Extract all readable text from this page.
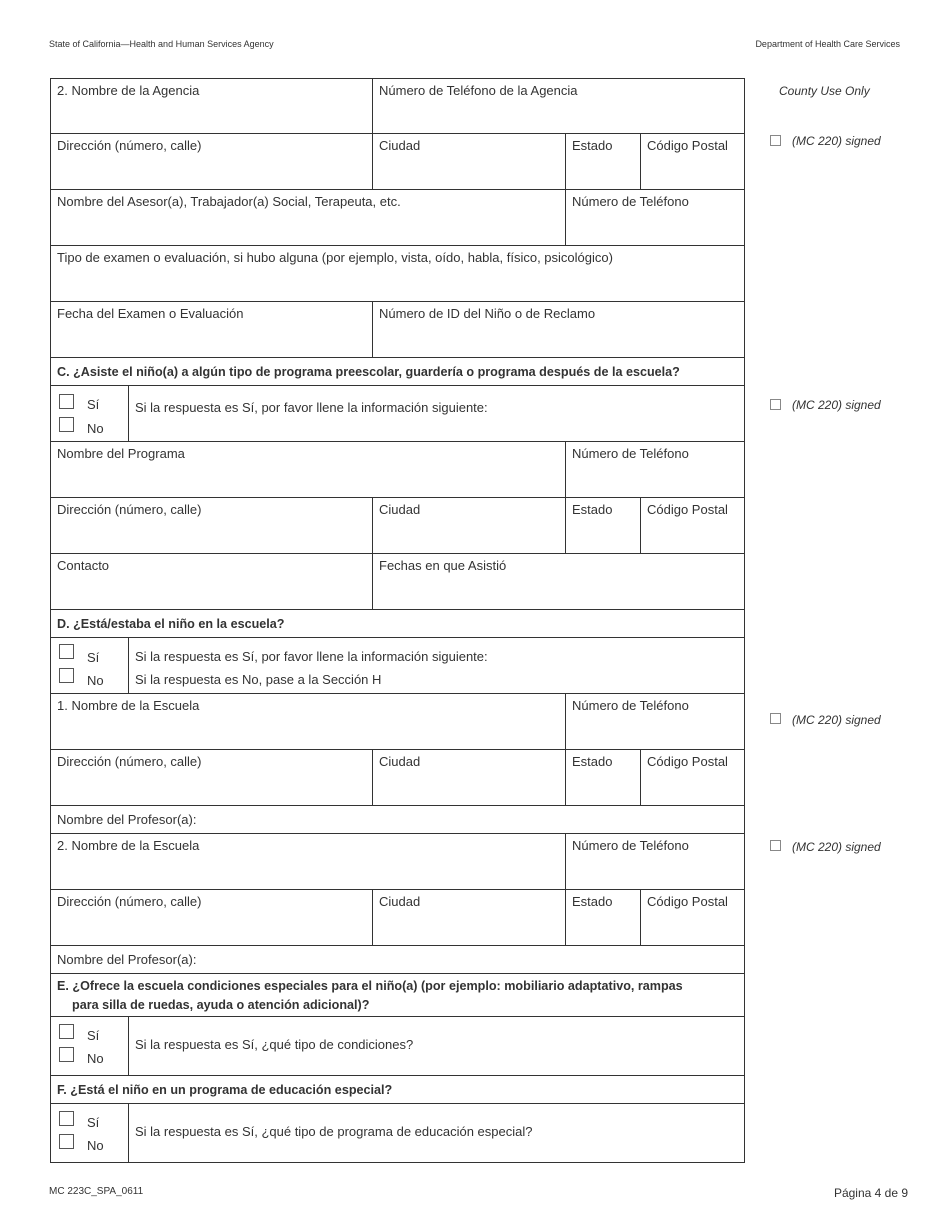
State of California—Health and Human Services Agency	Department of Health Care Services
2. Nombre de la Agencia	Número de Teléfono de la Agencia
Dirección (número, calle)	Ciudad	Estado	Código Postal
Nombre del Asesor(a), Trabajador(a) Social, Terapeuta, etc.	Número de Teléfono
Tipo de examen o evaluación, si hubo alguna (por ejemplo, vista, oído, habla, físico, psicológico)
Fecha del Examen o Evaluación	Número de ID del Niño o de Reclamo
C. ¿Asiste el niño(a) a algún tipo de programa preescolar, guardería o programa después de la escuela?
Sí
No
Si la respuesta es Sí, por favor llene la información siguiente:
Nombre del Programa	Número de Teléfono
Dirección (número, calle)	Ciudad	Estado	Código Postal
Contacto	Fechas en que Asistió
D. ¿Está/estaba el niño en la escuela?
Sí
No
Si la respuesta es Sí, por favor llene la información siguiente:
Si la respuesta es No, pase a la Sección H
1. Nombre de la Escuela	Número de Teléfono
Dirección (número, calle)	Ciudad	Estado	Código Postal
Nombre del Profesor(a):
2. Nombre de la Escuela	Número de Teléfono
Dirección (número, calle)	Ciudad	Estado	Código Postal
Nombre del Profesor(a):
E. ¿Ofrece la escuela condiciones especiales para el niño(a) (por ejemplo: mobiliario adaptativo, rampas
para silla de ruedas, ayuda o atención adicional)?
Sí
No
Si la respuesta es Sí, ¿qué tipo de condiciones?
F. ¿Está el niño en un programa de educación especial?
Sí
No
Si la respuesta es Sí, ¿qué tipo de programa de educación especial?
County Use Only
(MC 220) signed
(MC 220) signed
(MC 220) signed
(MC 220) signed
MC 223C_SPA_0611	Página 4 de 9
